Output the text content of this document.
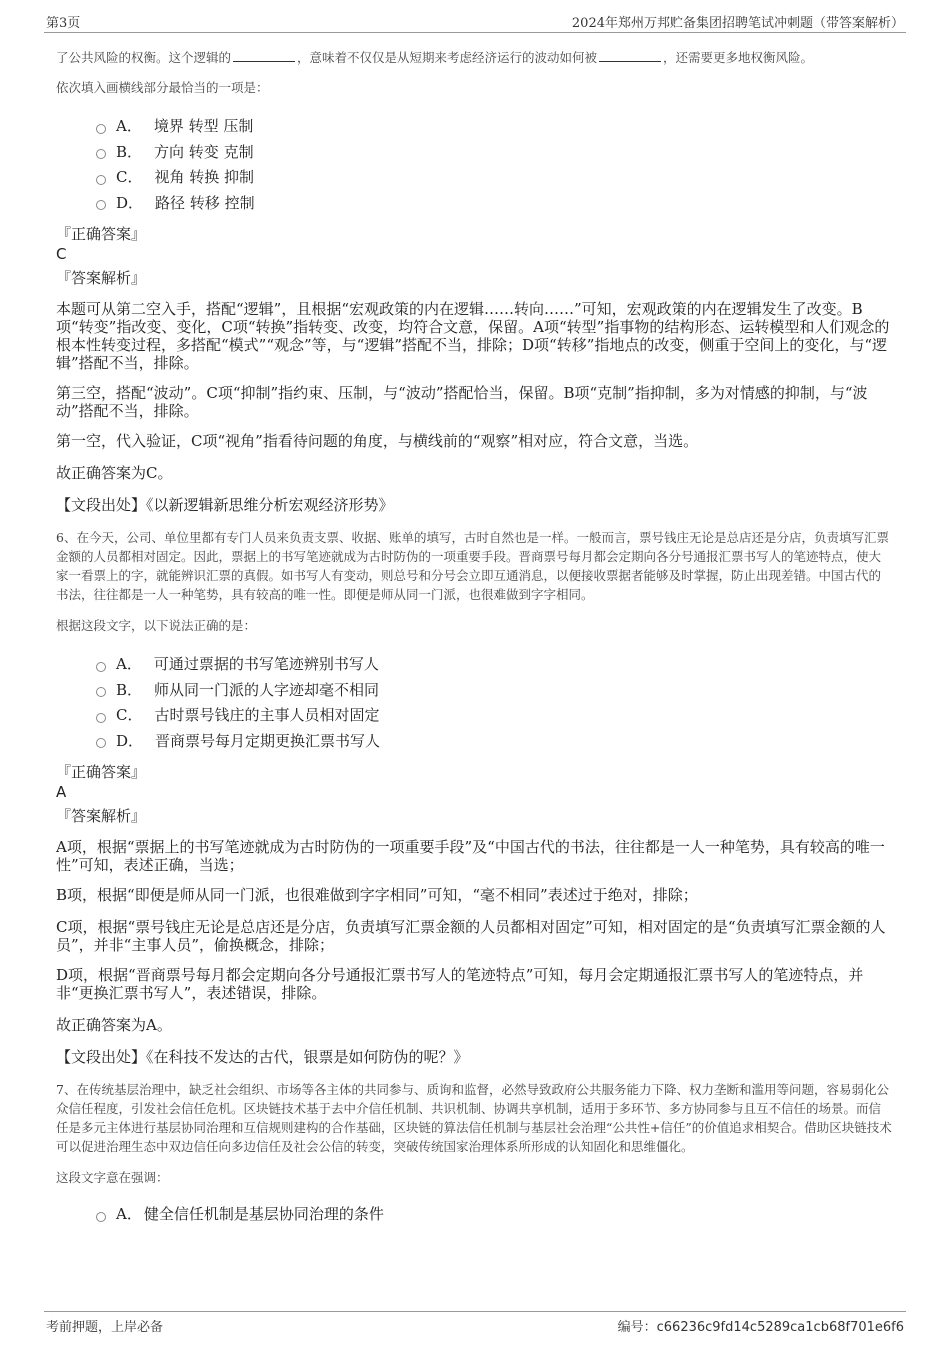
第3页	2024年郑州万邦贮备集团招聘笔试冲刺题（带答案解析）

了公共风险的权衡。这个逻辑的	，意味着不仅仅是从短期来考虑经济运行的波动如何被	，还需要更多地权衡风险。

依次填入画横线部分最恰当的一项是：

A． 境界 转型 压制
B． 方向 转变 克制
C． 视角 转换 抑制
D． 路径 转移 控制

『正确答案』

C

『答案解析』

本题可从第二空入手，搭配“逻辑”，且根据“宏观政策的内在逻辑……转向……”可知，宏观政策的内在逻辑发生了改变。B项“转变”指改变、变化，C项“转换”指转变、改变，均符合文意，保留。A项“转型”指事物的结构形态、运转模型和人们观念的根本性转变过程，多搭配“模式”“观念”等，与“逻辑”搭配不当，排除；D项“转移”指地点的改变，侧重于空间上的变化，与“逻辑”搭配不当，排除。

第三空，搭配“波动”。C项“抑制”指约束、压制，与“波动”搭配恰当，保留。B项“克制”指抑制，多为对情感的抑制，与“波动”搭配不当，排除。

第一空，代入验证，C项“视角”指看待问题的角度，与横线前的“观察”相对应，符合文意，当选。

故正确答案为C。

【文段出处】《以新逻辑新思维分析宏观经济形势》

6、在今天，公司、单位里都有专门人员来负责支票、收据、账单的填写，古时自然也是一样。一般而言，票号钱庄无论是总店还是分店，负责填写汇票金额的人员都相对固定。因此，票据上的书写笔迹就成为古时防伪的一项重要手段。晋商票号每月都会定期向各分号通报汇票书写人的笔迹特点，使大家一看票上的字，就能辨识汇票的真假。如书写人有变动，则总号和分号会立即互通消息，以便接收票据者能够及时掌握，防止出现差错。中国古代的书法，往往都是一人一种笔势，具有较高的唯一性。即便是师从同一门派，也很难做到字字相同。

根据这段文字，以下说法正确的是：

A． 可通过票据的书写笔迹辨别书写人
B． 师从同一门派的人字迹却毫不相同
C． 古时票号钱庄的主事人员相对固定
D． 晋商票号每月定期更换汇票书写人

『正确答案』

A

『答案解析』

A项，根据“票据上的书写笔迹就成为古时防伪的一项重要手段”及“中国古代的书法，往往都是一人一种笔势，具有较高的唯一性”可知，表述正确，当选；

B项，根据“即便是师从同一门派，也很难做到字字相同”可知，“毫不相同”表述过于绝对，排除；

C项，根据“票号钱庄无论是总店还是分店，负责填写汇票金额的人员都相对固定”可知，相对固定的是“负责填写汇票金额的人员”，并非“主事人员”，偷换概念，排除；

D项，根据“晋商票号每月都会定期向各分号通报汇票书写人的笔迹特点”可知，每月会定期通报汇票书写人的笔迹特点，并非“更换汇票书写人”，表述错误，排除。

故正确答案为A。

【文段出处】《在科技不发达的古代，银票是如何防伪的呢？》

7、在传统基层治理中，缺乏社会组织、市场等各主体的共同参与、质询和监督，必然导致政府公共服务能力下降、权力垄断和滥用等问题，容易弱化公众信任程度，引发社会信任危机。区块链技术基于去中介信任机制、共识机制、协调共享机制，适用于多环节、多方协同参与且互不信任的场景。而信任是多元主体进行基层协同治理和互信规则建构的合作基础，区块链的算法信任机制与基层社会治理“公共性+信任”的价值追求相契合。借助区块链技术可以促进治理生态中双边信任向多边信任及社会公信的转变，突破传统国家治理体系所形成的认知固化和思维僵化。

这段文字意在强调：

A． 健全信任机制是基层协同治理的条件
考前押题，上岸必备	编号：c66236c9fd14c5289ca1cb68f701e6f6
